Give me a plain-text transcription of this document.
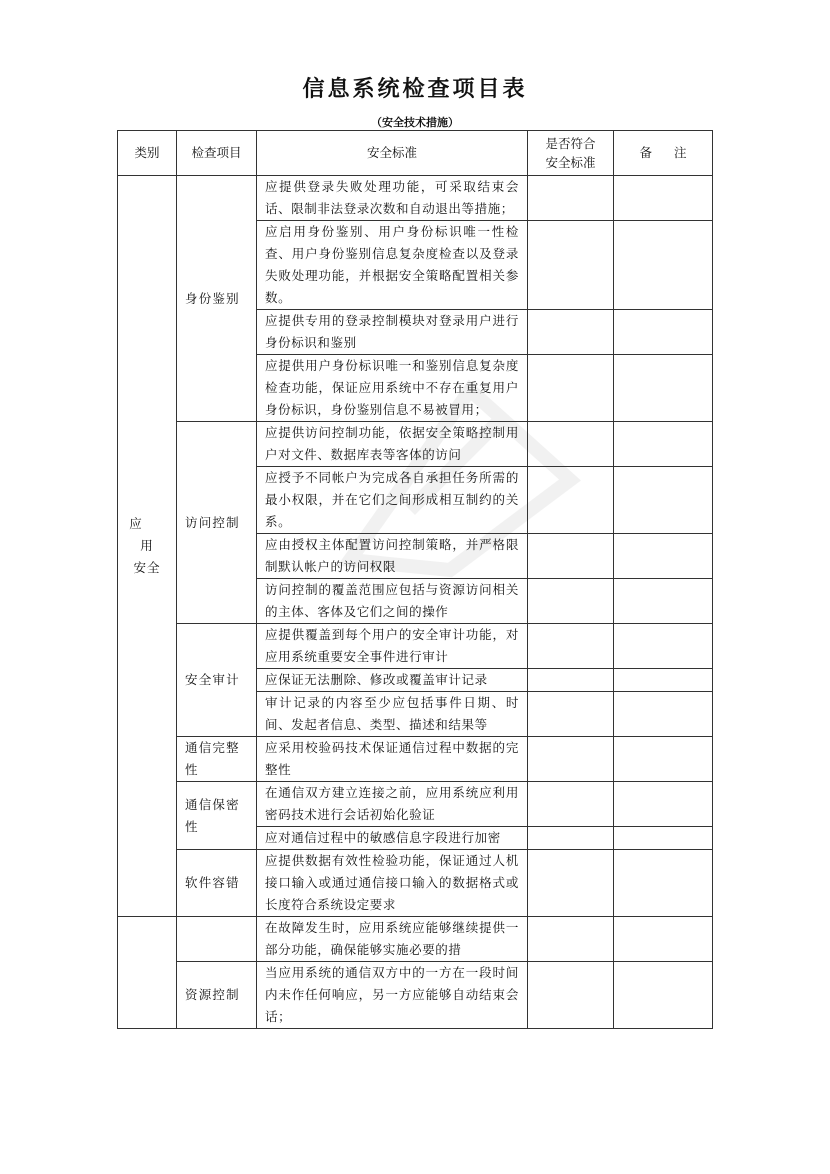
信息系统检查项目表
（安全技术措施）
类别	检查项目	安全标准	是否符合
安全标准	备 注

应用
安全	身份鉴别	应提供登录失败处理功能，可采取结束会话、限制非法登录次数和自动退出等措施；		
		应启用身份鉴别、用户身份标识唯一性检查、用户身份鉴别信息复杂度检查以及登录失败处理功能，并根据安全策略配置相关参数。		
		应提供专用的登录控制模块对登录用户进行身份标识和鉴别		
		应提供用户身份标识唯一和鉴别信息复杂度检查功能，保证应用系统中不存在重复用户身份标识，身份鉴别信息不易被冒用；		
	访问控制	应提供访问控制功能，依据安全策略控制用户对文件、数据库表等客体的访问		
		应授予不同帐户为完成各自承担任务所需的最小权限，并在它们之间形成相互制约的关系。		
		应由授权主体配置访问控制策略，并严格限制默认帐户的访问权限		
		访问控制的覆盖范围应包括与资源访问相关的主体、客体及它们之间的操作		
	安全审计	应提供覆盖到每个用户的安全审计功能，对应用系统重要安全事件进行审计		
		应保证无法删除、修改或覆盖审计记录		
		审计记录的内容至少应包括事件日期、时间、发起者信息、类型、描述和结果等		
	通信完整性	应采用校验码技术保证通信过程中数据的完整性		
	通信保密性	在通信双方建立连接之前，应用系统应利用密码技术进行会话初始化验证		
		应对通信过程中的敏感信息字段进行加密		
	软件容错	应提供数据有效性检验功能，保证通过人机接口输入或通过通信接口输入的数据格式或长度符合系统设定要求		
		在故障发生时，应用系统应能够继续提供一部分功能，确保能够实施必要的措		
	资源控制	当应用系统的通信双方中的一方在一段时间内未作任何响应，另一方应能够自动结束会话；		
